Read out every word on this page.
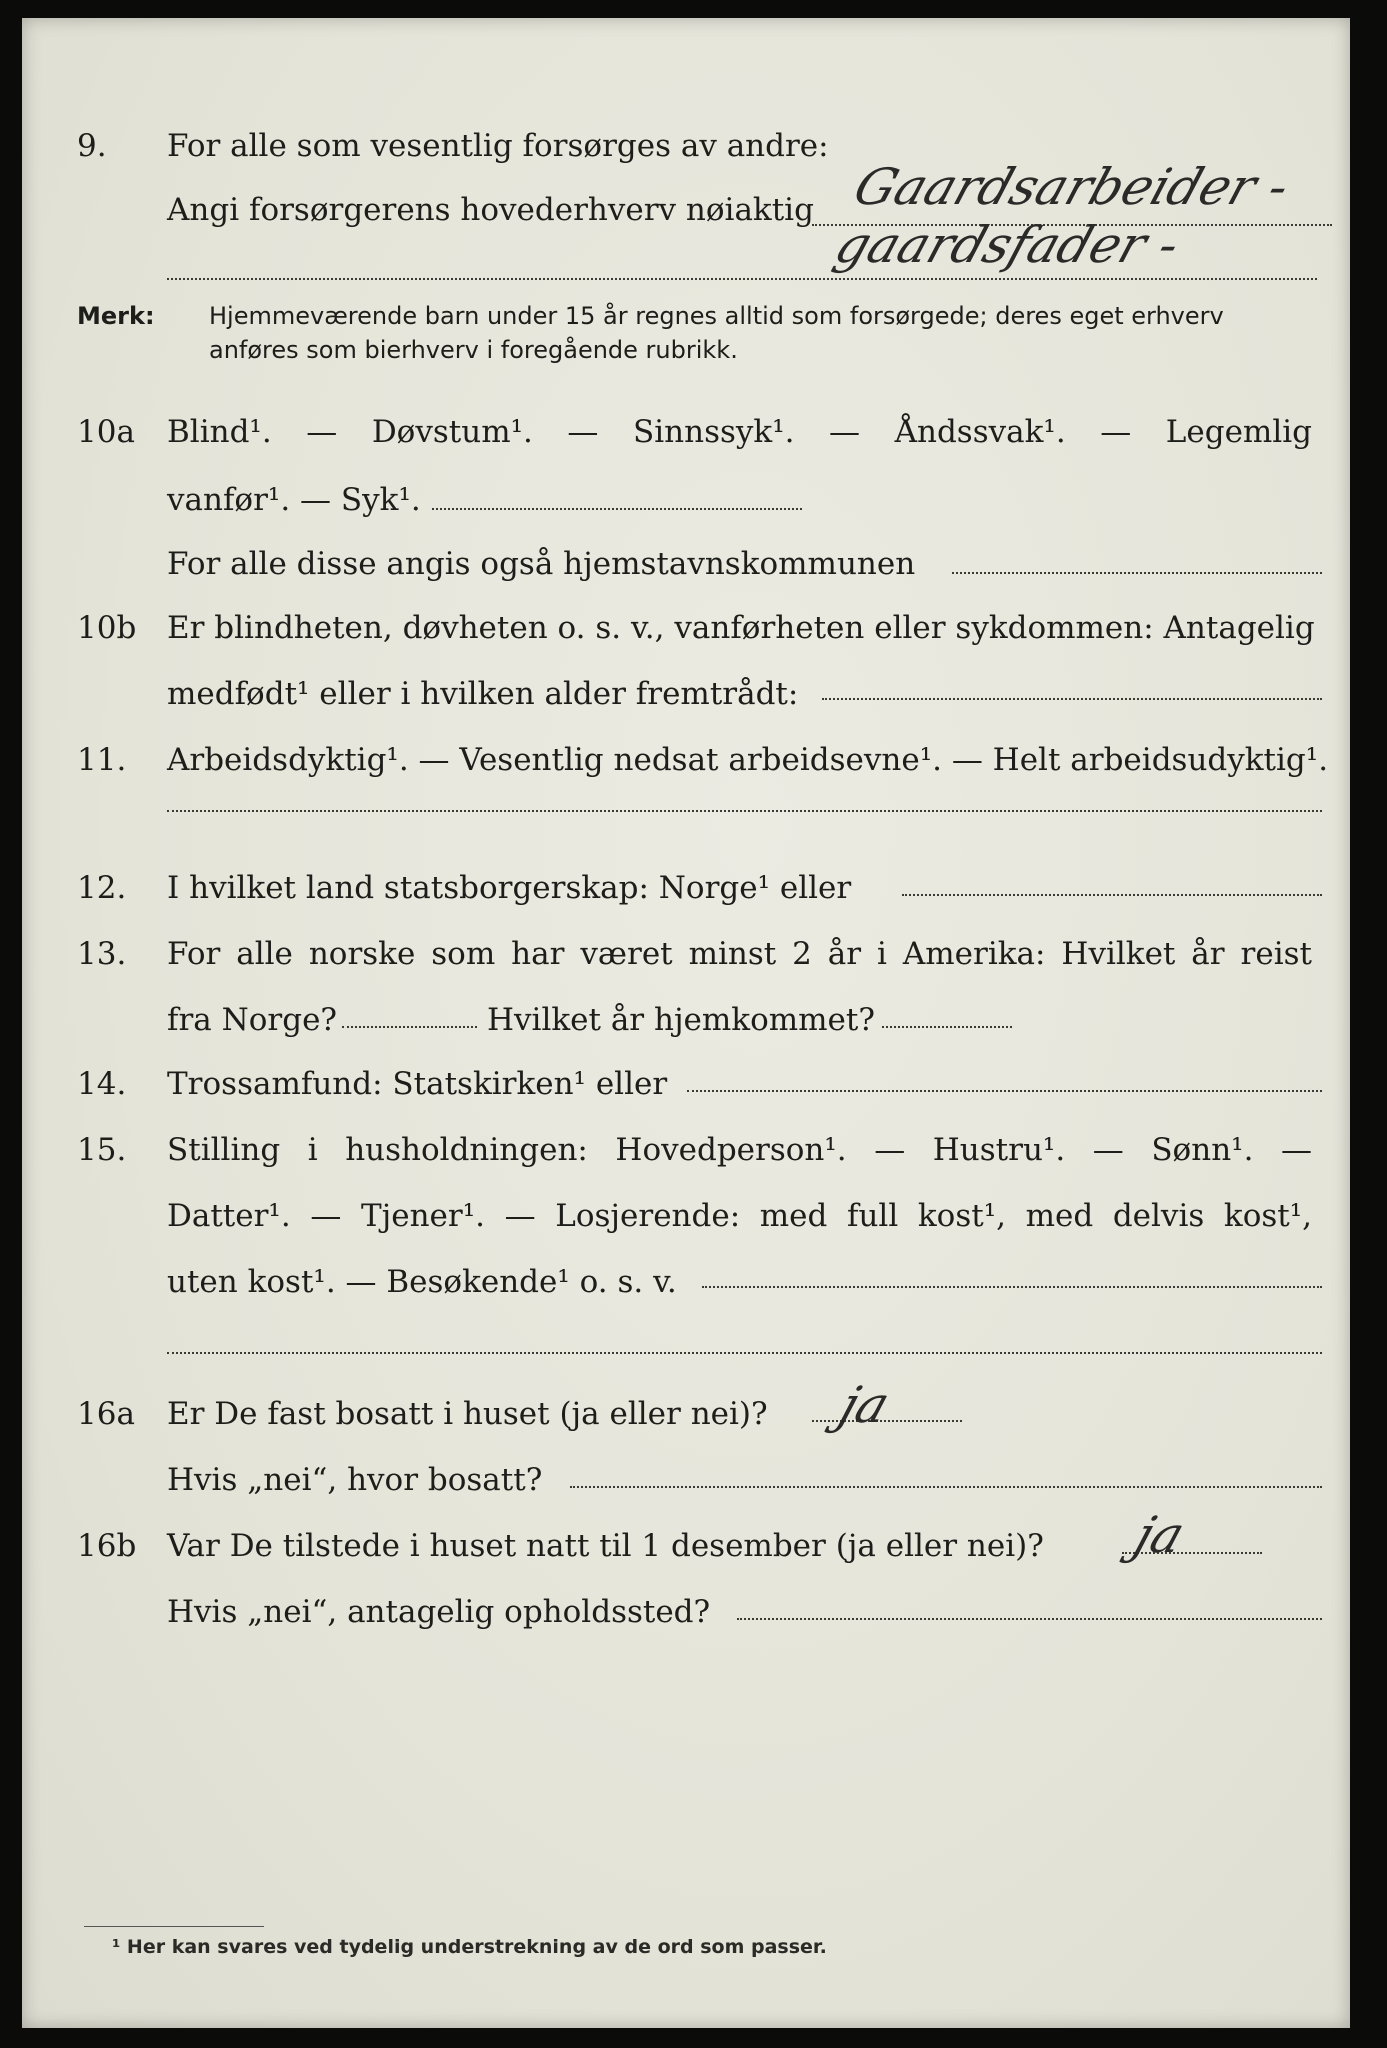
9.	For alle som vesentlig forsørges av andre:
Angi forsørgerens hovederhverv nøiaktig Gaardsarbeider - gaardsfader -
Merk: Hjemmeværende barn under 15 år regnes alltid som forsørgede; deres eget erhverv
anføres som bierhverv i foregående rubrikk.
10a	Blind¹. — Døvstum¹. — Sinnssyk¹. — Åndssvak¹. — Legemlig
vanfør¹. — Syk¹.
For alle disse angis også hjemstavnskommunen
10b Er blindheten, døvheten o. s. v., vanførheten eller sykdommen: Antagelig
medfødt¹ eller i hvilken alder fremtrådt:
11.	Arbeidsdyktig¹. — Vesentlig nedsat arbeidsevne¹. — Helt arbeidsudyktig¹.
12.	I hvilket land statsborgerskap: Norge¹ eller
13.	For alle norske som har været minst 2 år i Amerika: Hvilket år reist
fra Norge?	Hvilket år hjemkommet?
14.	Trossamfund: Statskirken¹ eller
15.	Stilling i husholdningen: Hovedperson¹. — Hustru¹. — Sønn¹. —
Datter¹. — Tjener¹. — Losjerende: med full kost¹, med delvis kost¹,
uten kost¹. — Besøkende¹ o. s. v.
16a	Er De fast bosatt i huset (ja eller nei)? ja
Hvis „nei“, hvor bosatt?
16b Var De tilstede i huset natt til 1 desember (ja eller nei)? ja
Hvis „nei“, antagelig opholdssted?
¹ Her kan svares ved tydelig understrekning av de ord som passer.
